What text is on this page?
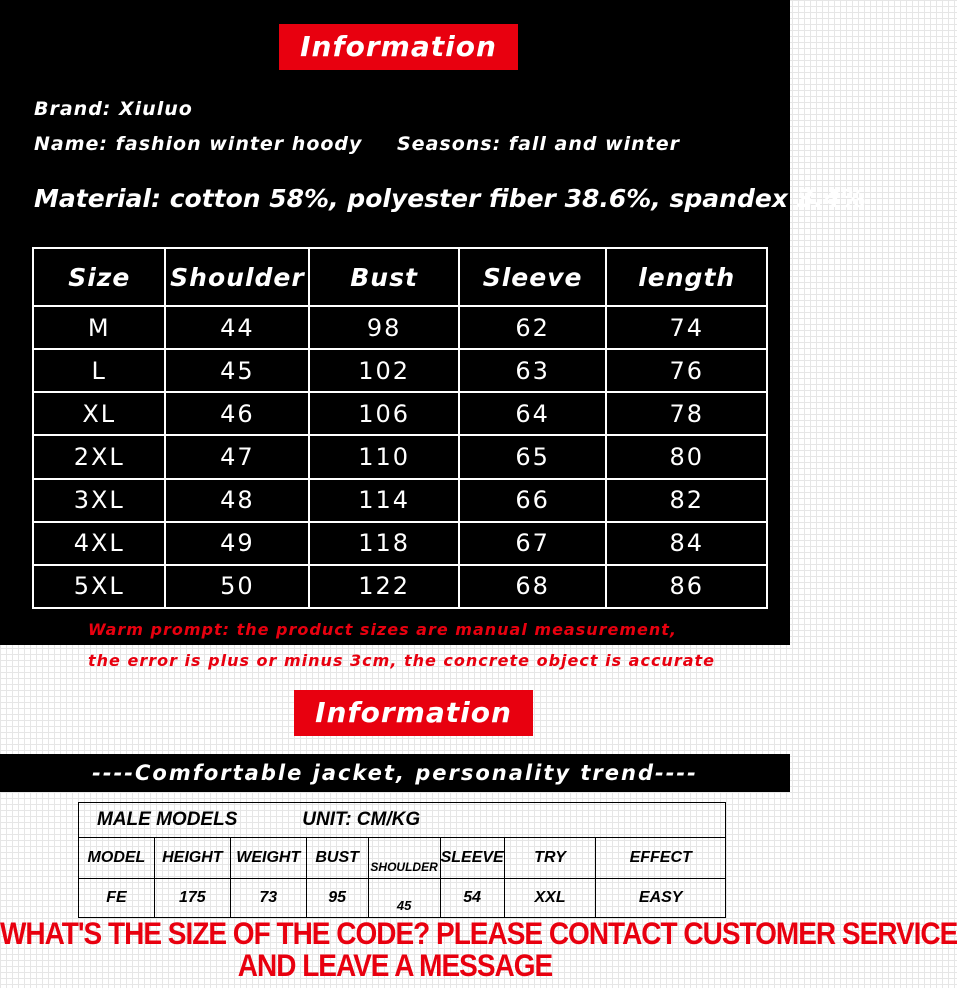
Information
Brand: Xiuluo
Name: fashion winter hoody Seasons: fall and winter
Material: cotton 58%, polyester fiber 38.6%, spandex 3.4%
Size	Shoulder	Bust	Sleeve	length
M	44	98	62	74
L	45	102	63	76
XL	46	106	64	78
2XL	47	110	65	80
3XL	48	114	66	82
4XL	49	118	67	84
5XL	50	122	68	86
Warm prompt: the product sizes are manual measurement,
the error is plus or minus 3cm, the concrete object is accurate
Information
----Comfortable jacket, personality trend----
MALE MODELS UNIT: CM/KG							
MODEL	HEIGHT	WEIGHT	BUST	SHOULDER	SLEEVE	TRY	EFFECT
FE	175	73	95	45	54	XXL	EASY
WHAT'S THE SIZE OF THE CODE? PLEASE CONTACT CUSTOMER SERVICE
AND LEAVE A MESSAGE
